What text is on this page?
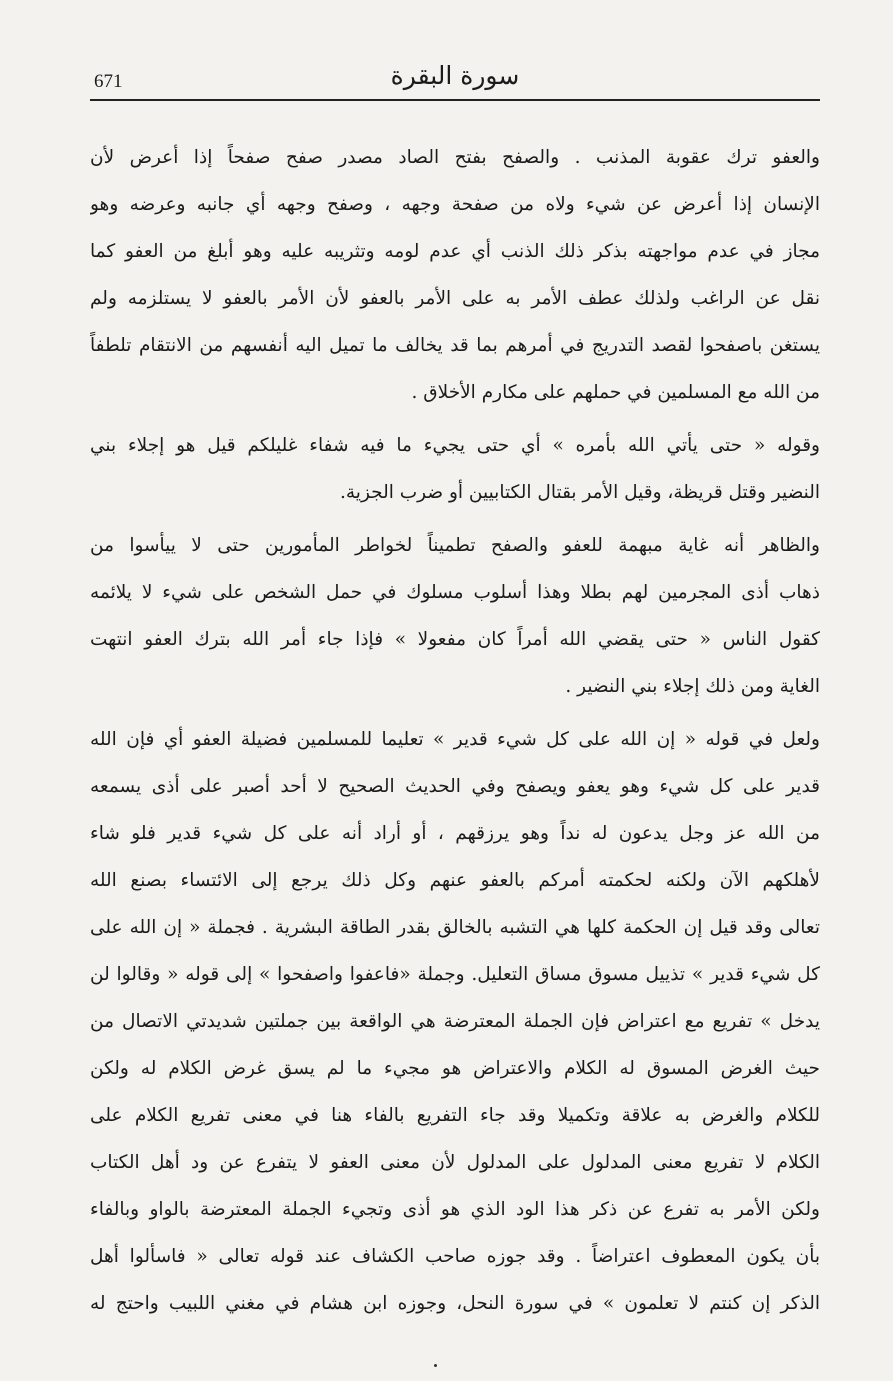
671	سورة البقرة
والعفو ترك عقوبة المذنب . والصفح بفتح الصاد مصدر صفح صفحاً إذا أعرض لأن
الإنسان إذا أعرض عن شيء ولاه من صفحة وجهه ، وصفح وجهه أي جانبه وعرضه وهو
مجاز في عدم مواجهته بذكر ذلك الذنب أي عدم لومه وتثريبه عليه وهو أبلغ من العفو كما
نقل عن الراغب ولذلك عطف الأمر به على الأمر بالعفو لأن الأمر بالعفو لا يستلزمه ولم
يستغن باصفحوا لقصد التدريج في أمرهم بما قد يخالف ما تميل اليه أنفسهم من الانتقام تلطفاً
من الله مع المسلمين في حملهم على مكارم الأخلاق .
وقوله « حتى يأتي الله بأمره » أي حتى يجيء ما فيه شفاء غليلكم قيل هو إجلاء بني
النضير وقتل قريظة، وقيل الأمر بقتال الكتابيين أو ضرب الجزية.
والظاهر أنه غاية مبهمة للعفو والصفح تطميناً لخواطر المأمورين حتى لا ييأسوا من
ذهاب أذى المجرمين لهم بطلا وهذا أسلوب مسلوك في حمل الشخص على شيء لا يلائمه
كقول الناس « حتى يقضي الله أمراً كان مفعولا » فإذا جاء أمر الله بترك العفو انتهت
الغاية ومن ذلك إجلاء بني النضير .
ولعل في قوله « إن الله على كل شيء قدير » تعليما للمسلمين فضيلة العفو أي فإن الله
قدير على كل شيء وهو يعفو ويصفح وفي الحديث الصحيح لا أحد أصبر على أذى يسمعه
من الله عز وجل يدعون له نداً وهو يرزقهم ، أو أراد أنه على كل شيء قدير فلو شاء
لأهلكهم الآن ولكنه لحكمته أمركم بالعفو عنهم وكل ذلك يرجع إلى الائتساء بصنع الله
تعالى وقد قيل إن الحكمة كلها هي التشبه بالخالق بقدر الطاقة البشرية . فجملة « إن الله على
كل شيء قدير » تذييل مسوق مساق التعليل. وجملة «فاعفوا واصفحوا » إلى قوله « وقالوا لن
يدخل » تفريع مع اعتراض فإن الجملة المعترضة هي الواقعة بين جملتين شديدتي الاتصال من
حيث الغرض المسوق له الكلام والاعتراض هو مجيء ما لم يسق غرض الكلام له ولكن
للكلام والغرض به علاقة وتكميلا وقد جاء التفريع بالفاء هنا في معنى تفريع الكلام على
الكلام لا تفريع معنى المدلول على المدلول لأن معنى العفو لا يتفرع عن ود أهل الكتاب
ولكن الأمر به تفرع عن ذكر هذا الود الذي هو أذى وتجيء الجملة المعترضة بالواو وبالفاء
بأن يكون المعطوف اعتراضاً . وقد جوزه صاحب الكشاف عند قوله تعالى « فاسألوا أهل
الذكر إن كنتم لا تعلمون » في سورة النحل، وجوزه ابن هشام في مغني اللبيب واحتج له
